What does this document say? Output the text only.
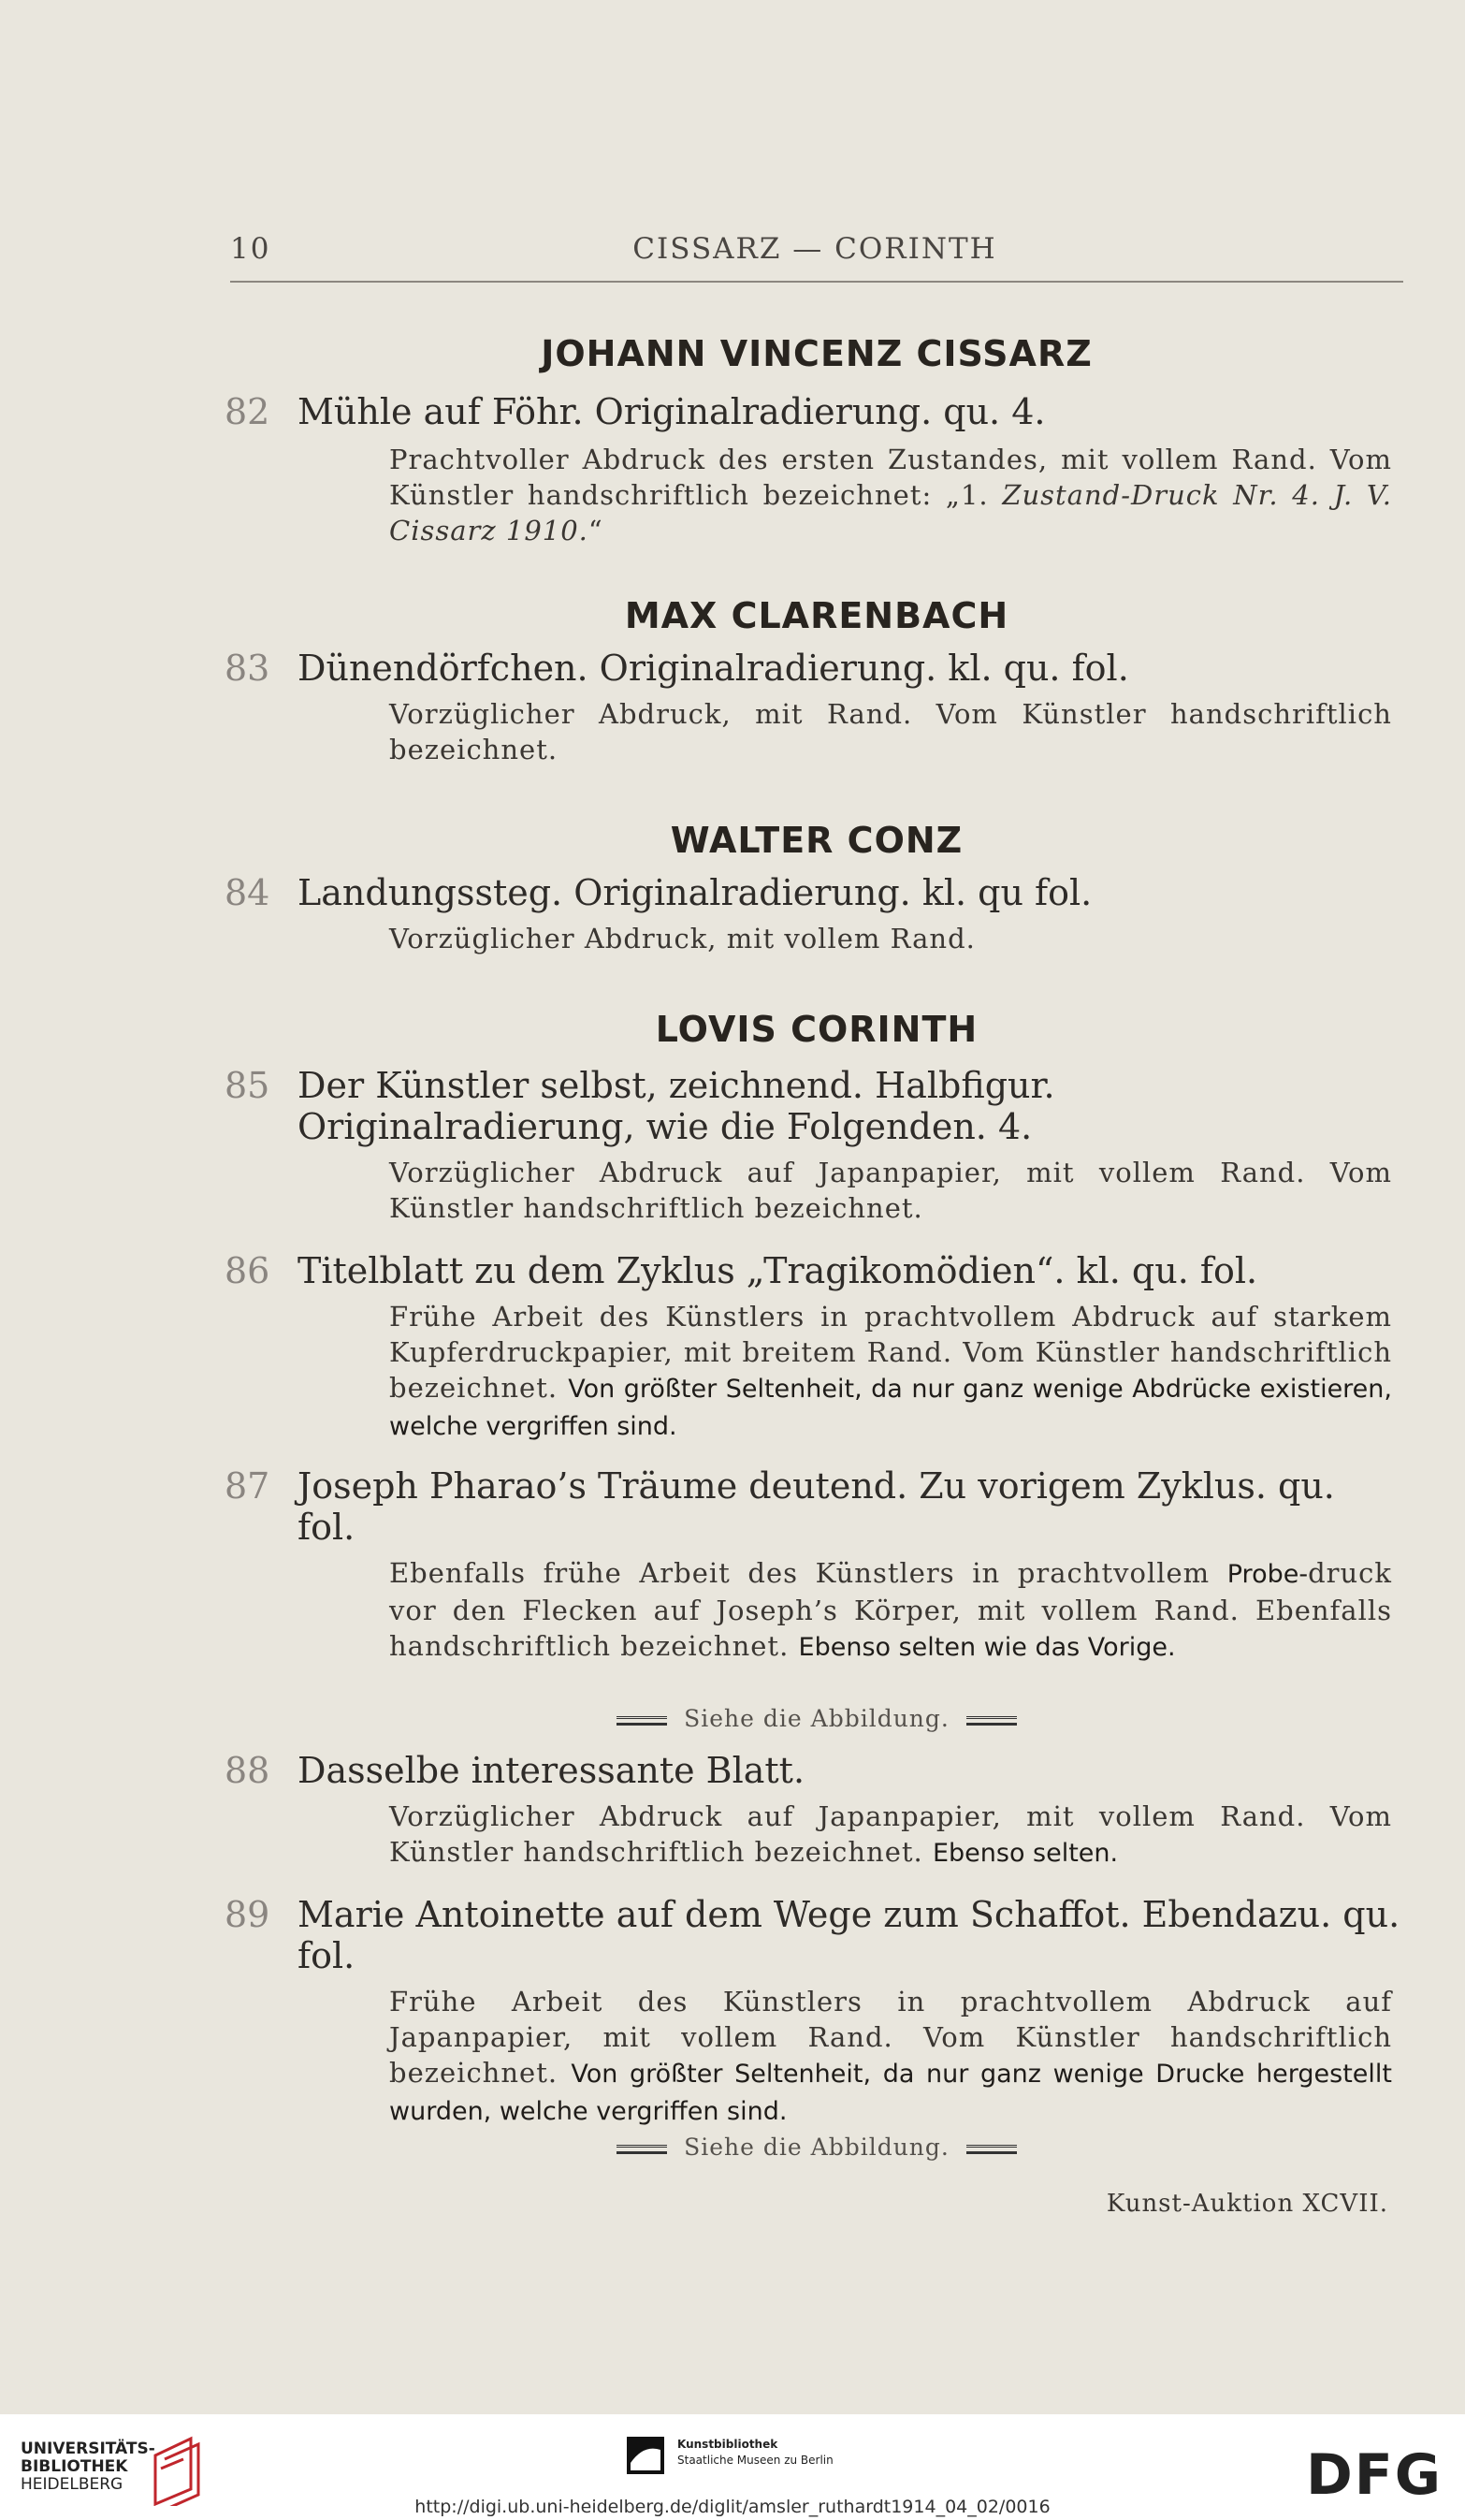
10	CISSARZ — CORINTH
JOHANN VINCENZ CISSARZ
82 Mühle auf Föhr. Originalradierung. qu. 4.
Prachtvoller Abdruck des ersten Zustandes, mit vollem Rand. Vom Künstler handschriftlich bezeichnet: „1. Zustand-Druck Nr. 4. J. V. Cissarz 1910.“
MAX CLARENBACH
83 Dünendörfchen. Originalradierung. kl. qu. fol.
Vorzüglicher Abdruck, mit Rand. Vom Künstler handschriftlich bezeichnet.
WALTER CONZ
84 Landungssteg. Originalradierung. kl. qu fol.
Vorzüglicher Abdruck, mit vollem Rand.
LOVIS CORINTH
85 Der Künstler selbst, zeichnend. Halbfigur. Originalradierung, wie die Folgenden. 4.
Vorzüglicher Abdruck auf Japanpapier, mit vollem Rand. Vom Künstler handschriftlich bezeichnet.
86 Titelblatt zu dem Zyklus „Tragikomödien“. kl. qu. fol.
Frühe Arbeit des Künstlers in prachtvollem Abdruck auf starkem Kupferdruckpapier, mit breitem Rand. Vom Künstler handschriftlich bezeichnet. Von größter Seltenheit, da nur ganz wenige Abdrücke existieren, welche vergriffen sind.
87 Joseph Pharao’s Träume deutend. Zu vorigem Zyklus. qu. fol.
Ebenfalls frühe Arbeit des Künstlers in prachtvollem Probe-druck vor den Flecken auf Joseph’s Körper, mit vollem Rand. Ebenfalls handschriftlich bezeichnet. Ebenso selten wie das Vorige.
Siehe die Abbildung.
88 Dasselbe interessante Blatt.
Vorzüglicher Abdruck auf Japanpapier, mit vollem Rand. Vom Künstler handschriftlich bezeichnet. Ebenso selten.
89 Marie Antoinette auf dem Wege zum Schaffot. Ebendazu. qu. fol.
Frühe Arbeit des Künstlers in prachtvollem Abdruck auf Japanpapier, mit vollem Rand. Vom Künstler handschriftlich bezeichnet. Von größter Seltenheit, da nur ganz wenige Drucke hergestellt wurden, welche vergriffen sind.
Siehe die Abbildung.
Kunst-Auktion XCVII.
UNIVERSITÄTS-
BIBLIOTHEK
HEIDELBERG
Kunstbibliothek
Staatliche Museen zu Berlin	DFG
http://digi.ub.uni-heidelberg.de/diglit/amsler_ruthardt1914_04_02/0016
